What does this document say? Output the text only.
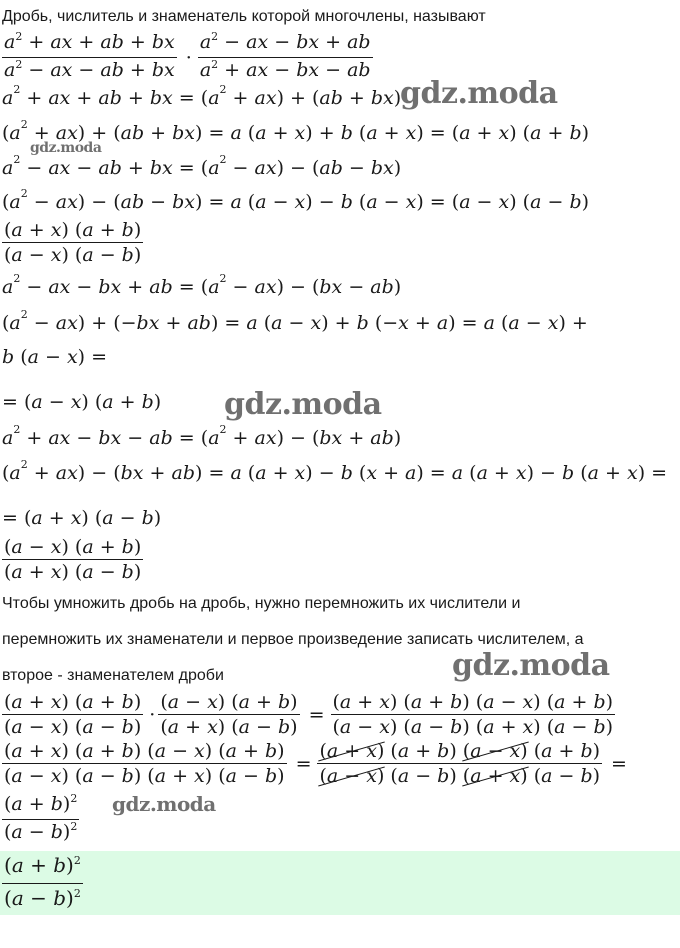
Дробь, числитель и знаменатель которой многочлены, называют
$\frac{a^2 + ax + ab + bx}{a^2 - ax - ab + bx} \cdot \frac{a^2 - ax - bx + ab}{a^2 + ax - bx - ab}$
$a^2$ + ax + ab + bx = ( $a^2$ + ax ) + ( ab + bx )
( $a^2$ + ax ) + ( ab + bx ) = a ( a + x ) + b ( a + x ) = ( a + x ) ( a + b )
$a^2$ − ax − ab + bx = ( $a^2$ − ax ) − ( ab − bx )
( $a^2$ − ax ) − ( ab − bx ) = a ( a − x ) − b ( a − x ) = ( a − x ) ( a − b )
$\frac{(a + x) (a + b)}{(a - x) (a - b)}$
$a^2$ − ax − bx + ab = ( $a^2$ − ax ) − ( bx − ab )
( $a^2$ − ax ) + (− bx + ab ) = a ( a − x ) + b (− x + a ) = a ( a − x ) +
b ( a − x ) =
= ( a − x ) ( a + b )
$a^2$ + ax − bx − ab = ( $a^2$ + ax ) − ( bx + ab )
( $a^2$ + ax ) − ( bx + ab ) = a ( a + x ) − b ( x + a ) = a ( a + x ) − b ( a + x ) =
= ( a + x ) ( a − b )
$\frac{(a - x) (a + b)}{(a + x) (a - b)}$
Чтобы умножить дробь на дробь, нужно перемножить их числители и
перемножить их знаменатели и первое произведение записать числителем, а
второе - знаменателем дроби
$\frac{(a + x) (a + b)}{(a - x) (a - b)} \cdot \frac{(a - x) (a + b)}{(a + x) (a - b)} = \frac{(a + x) (a + b) (a - x) (a + b)}{(a - x) (a - b) (a + x) (a - b)}$
$\frac{(a + x) (a + b) (a - x) (a + b)}{(a - x) (a - b) (a + x) (a - b)} = \frac{(a + x) (a + b) (a - x) (a + b)}{(a - x) (a - b) (a + x) (a - b)}$ =
$\frac{(a + b)^2}{(a - b)^2}$
$\frac{(a + b)^2}{(a - b)^2}$
gdz.moda
gdz.moda
gdz.moda
gdz.moda
gdz.moda
